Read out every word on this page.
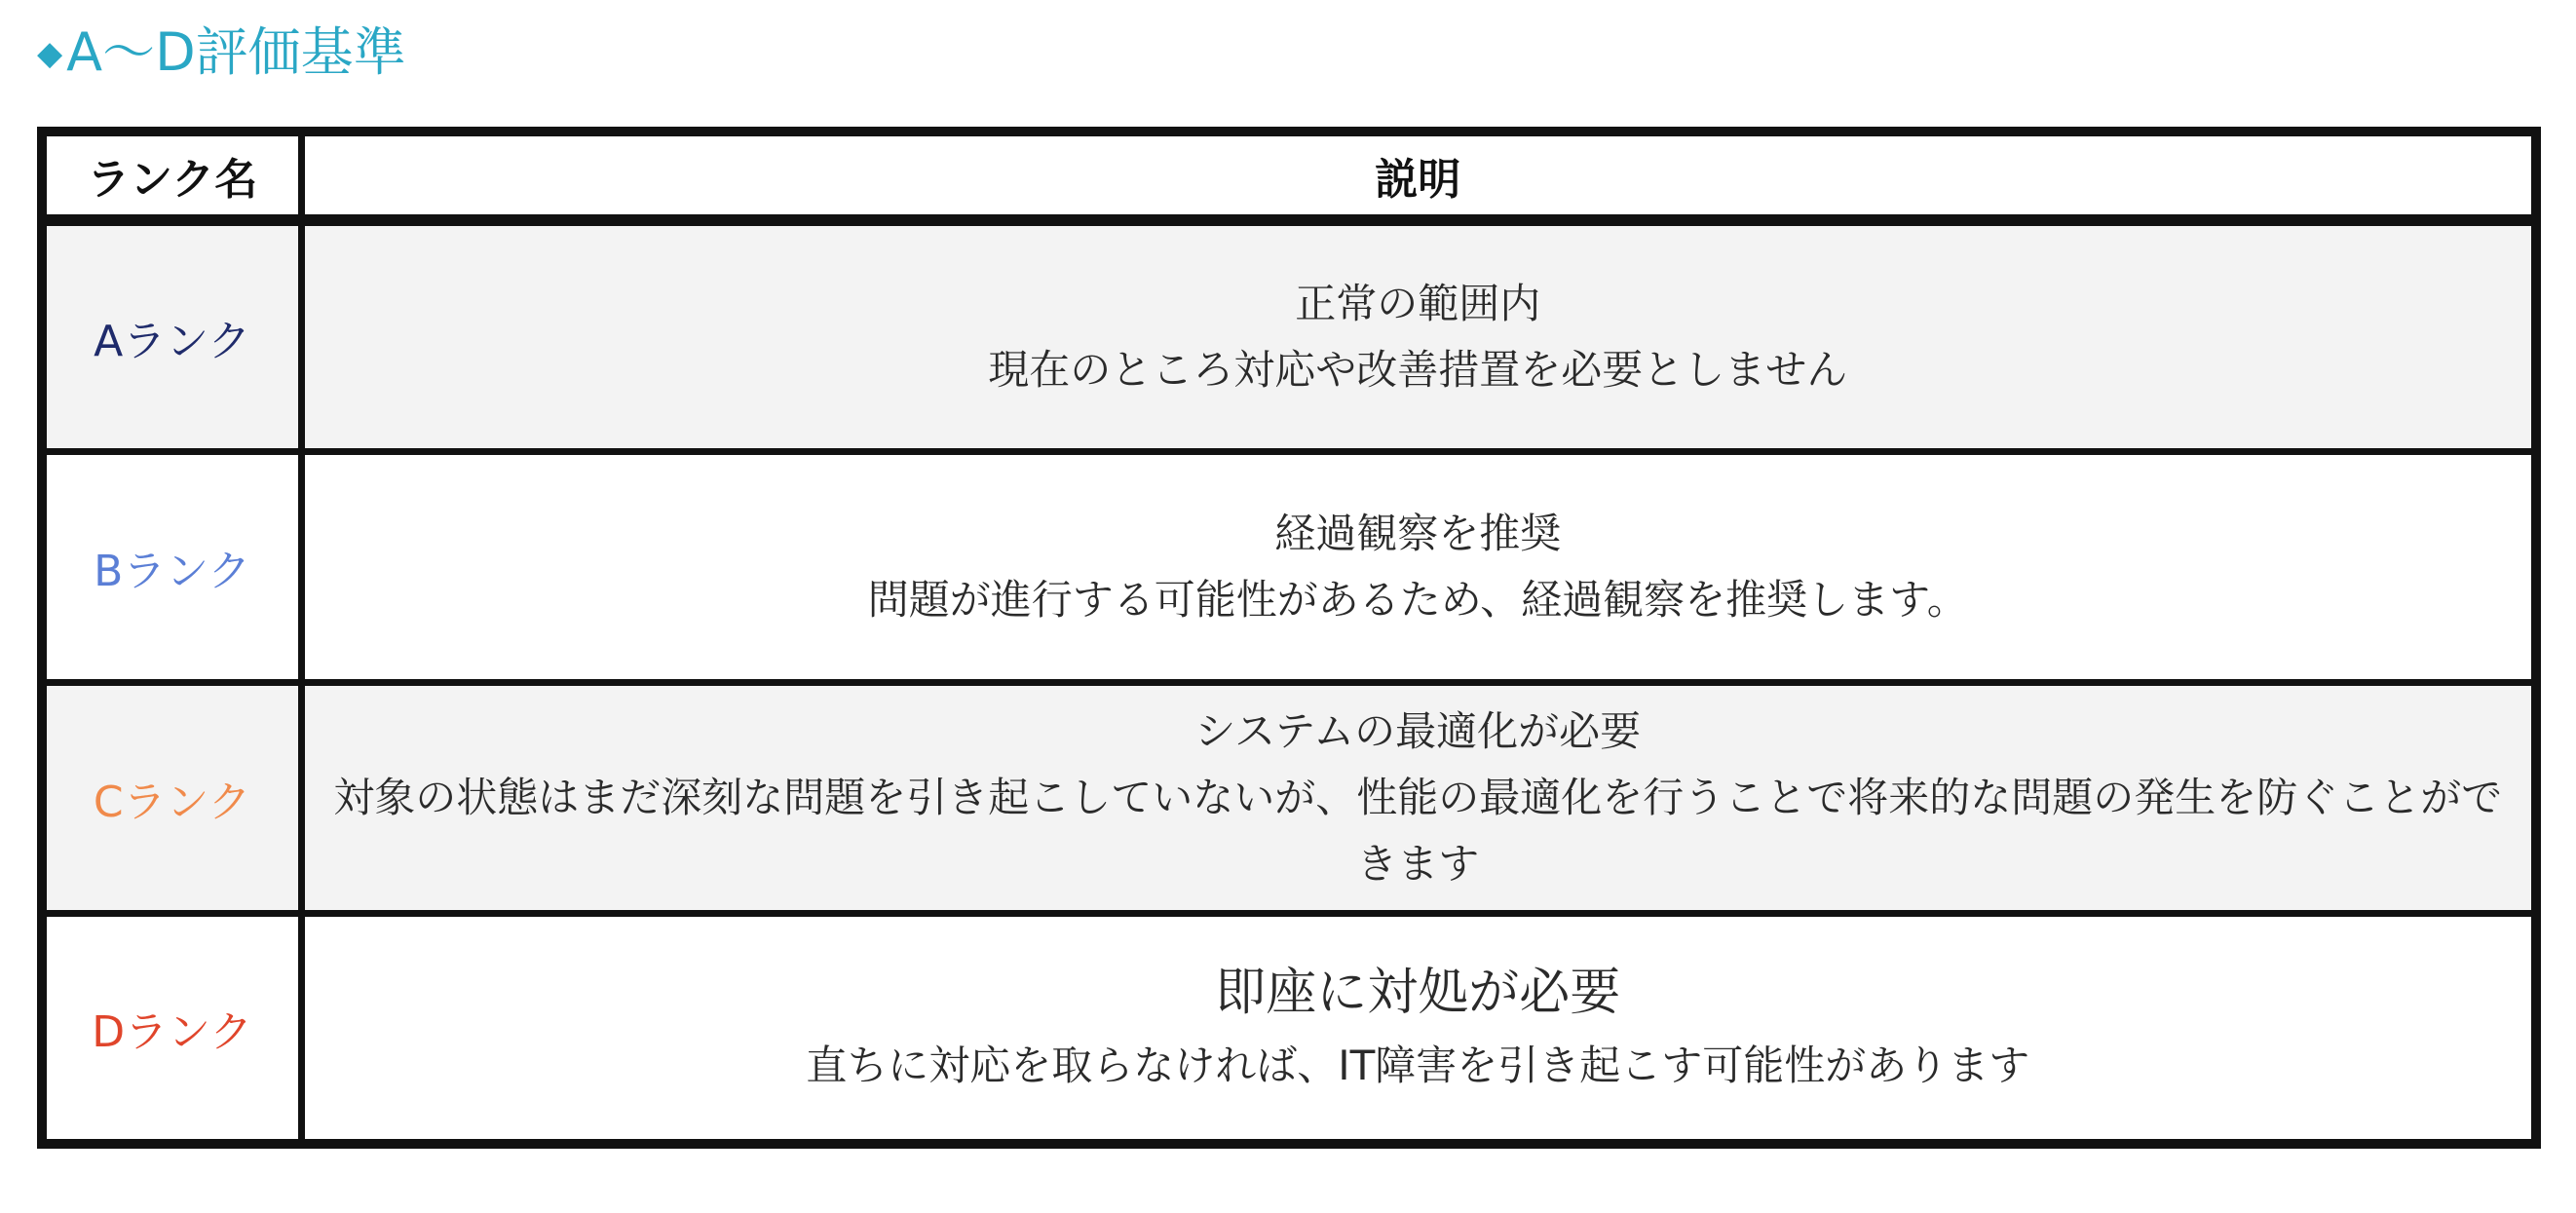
◆A～D評価基準
ランク名	説明
Aランク	正常の範囲内
現在のところ対応や改善措置を必要としません

Bランク	経過観察を推奨
問題が進行する可能性があるため、経過観察を推奨します。

Cランク	システムの最適化が必要
対象の状態はまだ深刻な問題を引き起こしていないが、性能の最適化を行うことで将来的な問題の発生を防ぐことができます

Dランク	即座に対処が必要
直ちに対応を取らなければ、IT障害を引き起こす可能性があります
